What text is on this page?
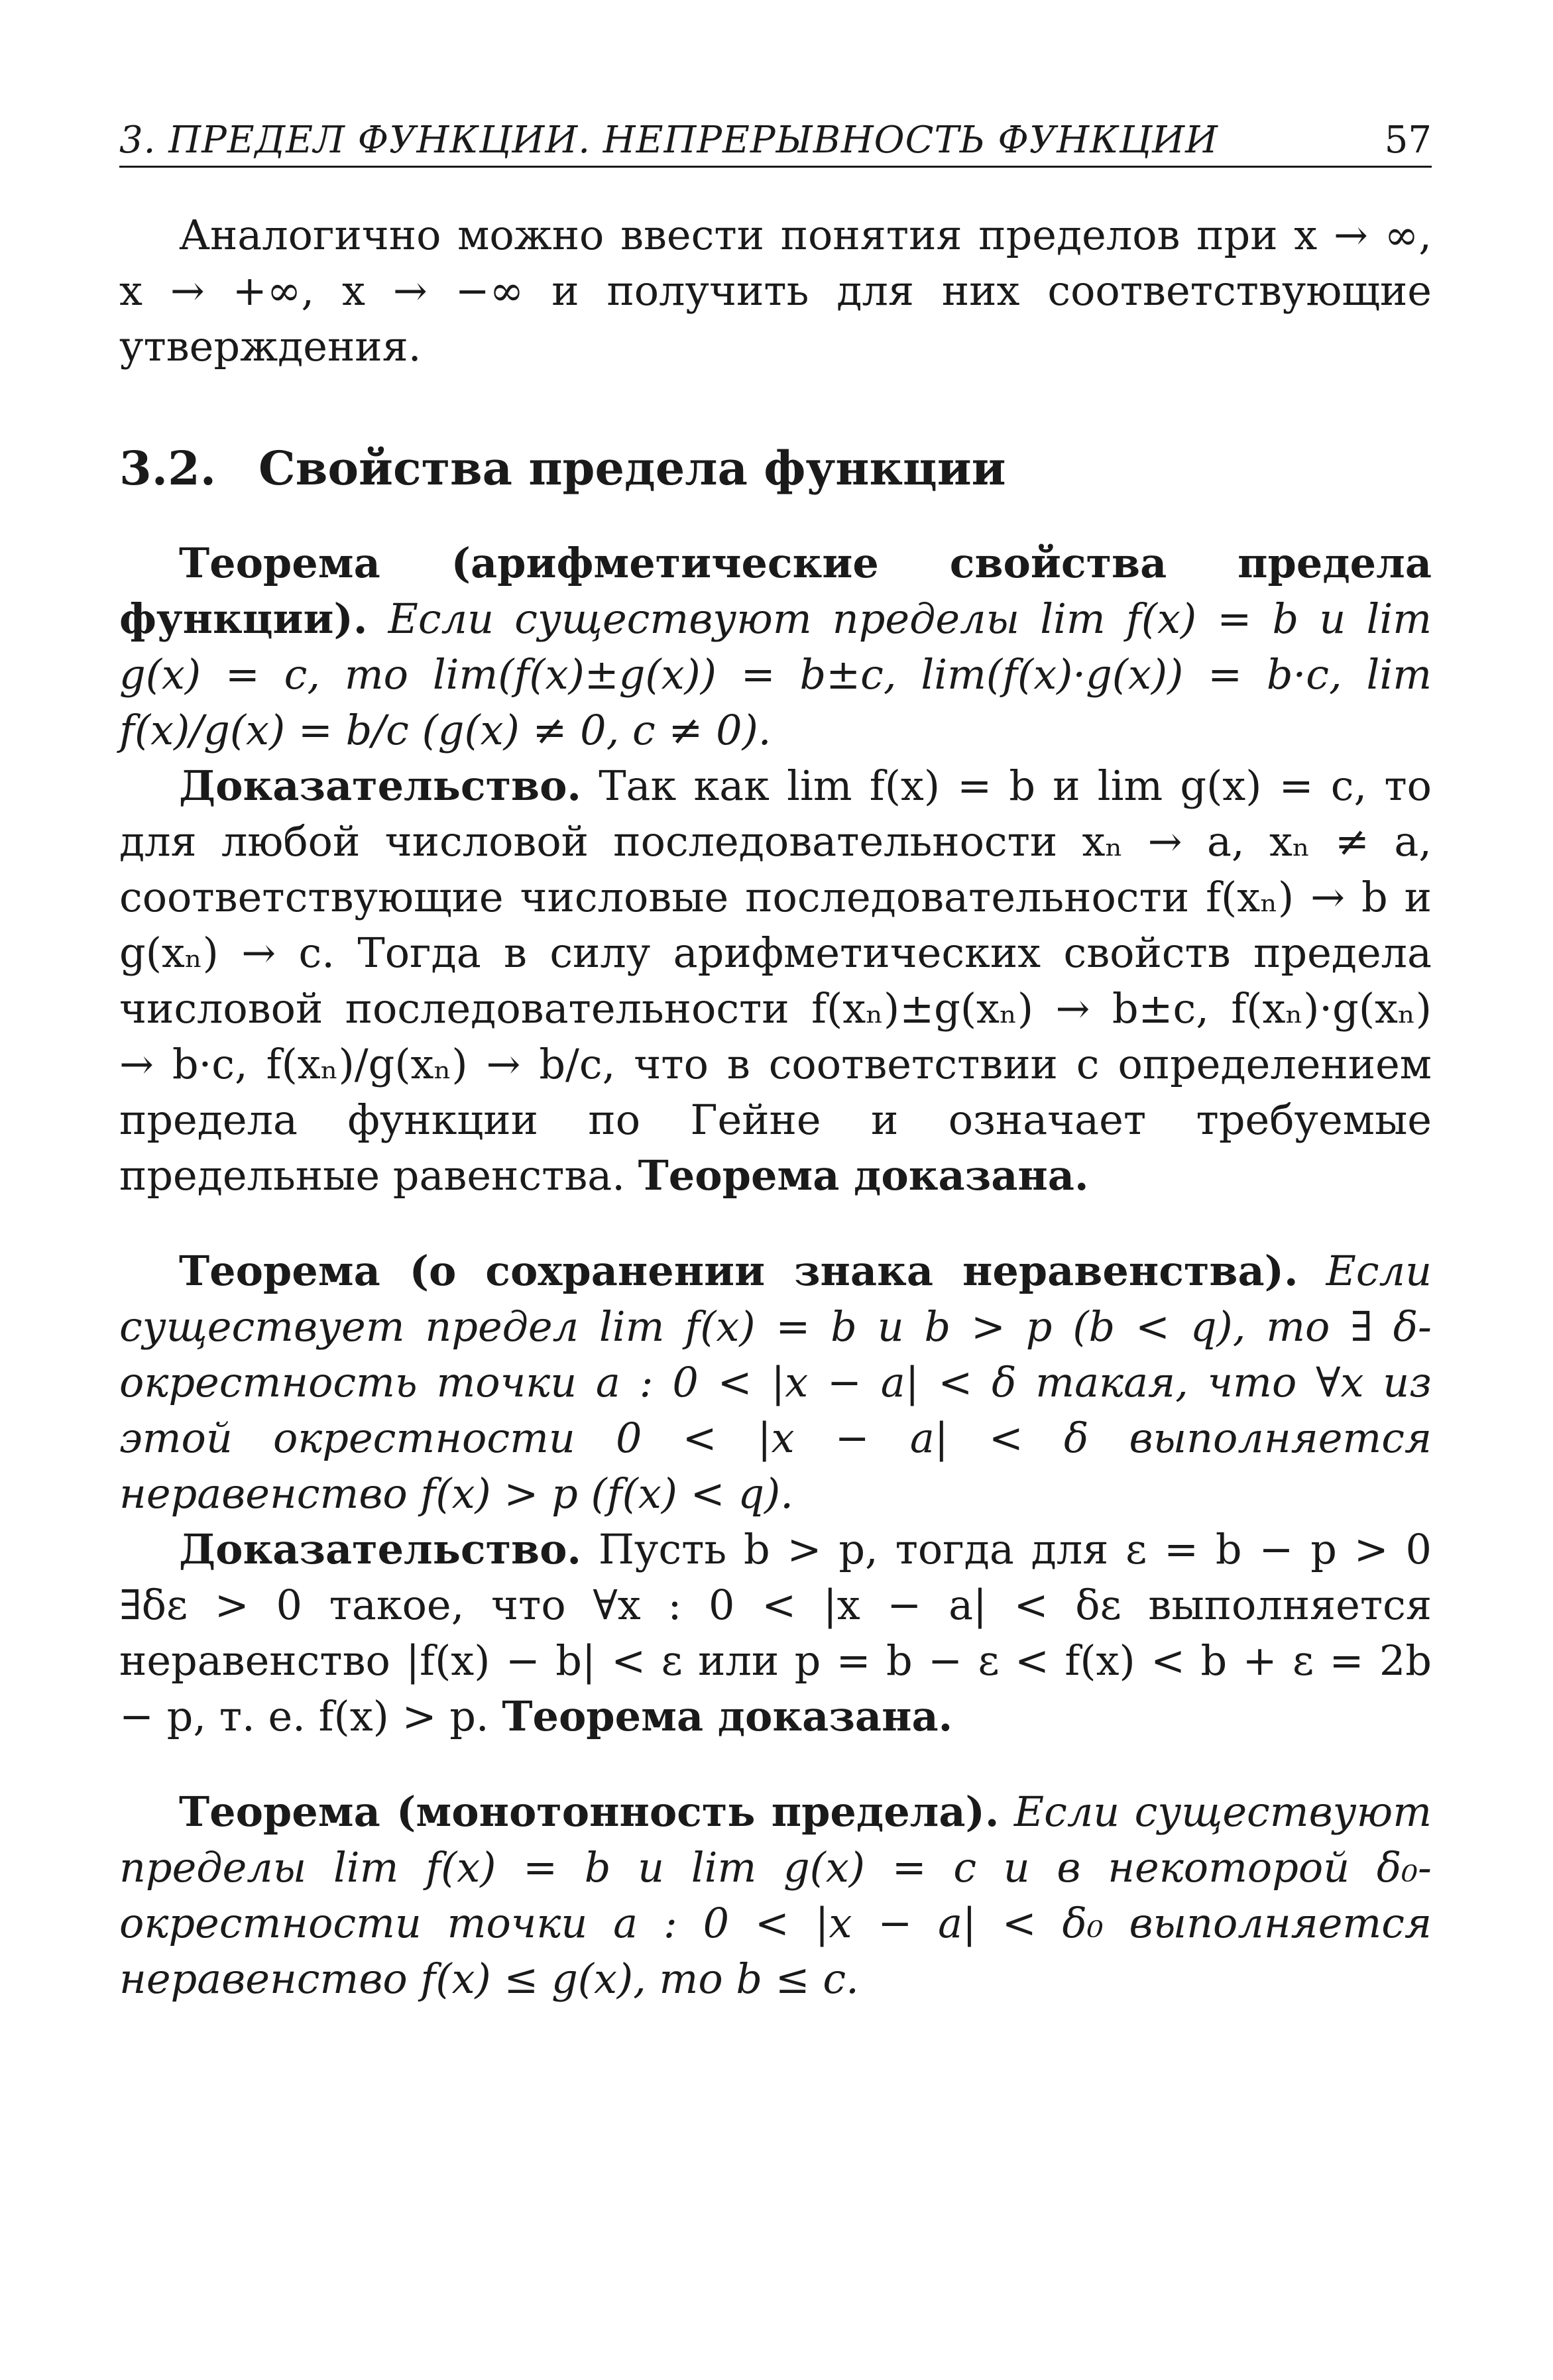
3. ПРЕДЕЛ ФУНКЦИИ. НЕПРЕРЫВНОСТЬ ФУНКЦИИ	57

Аналогично можно ввести понятия пределов при x → ∞, x → +∞, x → −∞ и получить для них соответствующие утверждения.

3.2. Свойства предела функции

Теорема (арифметические свойства предела функции). Если существуют пределы lim f(x) = b и lim g(x) = c, то lim(f(x)±g(x)) = b±c, lim(f(x)·g(x)) = b·c, lim f(x)/g(x) = b/c (g(x) ≠ 0, c ≠ 0).

Доказательство. Так как lim f(x) = b и lim g(x) = c, то для любой числовой последовательности xₙ → a, xₙ ≠ a, соответствующие числовые последовательности f(xₙ) → b и g(xₙ) → c. Тогда в силу арифметических свойств предела числовой последовательности f(xₙ)±g(xₙ) → b±c, f(xₙ)·g(xₙ) → b·c, f(xₙ)/g(xₙ) → b/c, что в соответствии с определением предела функции по Гейне и означает требуемые предельные равенства. Теорема доказана.

Теорема (о сохранении знака неравенства). Если существует предел lim f(x) = b и b > p (b < q), то ∃ δ-окрестность точки a : 0 < |x − a| < δ такая, что ∀x из этой окрестности 0 < |x − a| < δ выполняется неравенство f(x) > p (f(x) < q).

Доказательство. Пусть b > p, тогда для ε = b − p > 0 ∃δε > 0 такое, что ∀x : 0 < |x − a| < δε выполняется неравенство |f(x) − b| < ε или p = b − ε < f(x) < b + ε = 2b − p, т. е. f(x) > p. Теорема доказана.

Теорема (монотонность предела). Если существуют пределы lim f(x) = b и lim g(x) = c и в некоторой δ₀-окрестности точки a : 0 < |x − a| < δ₀ выполняется неравенство f(x) ≤ g(x), то b ≤ c.
